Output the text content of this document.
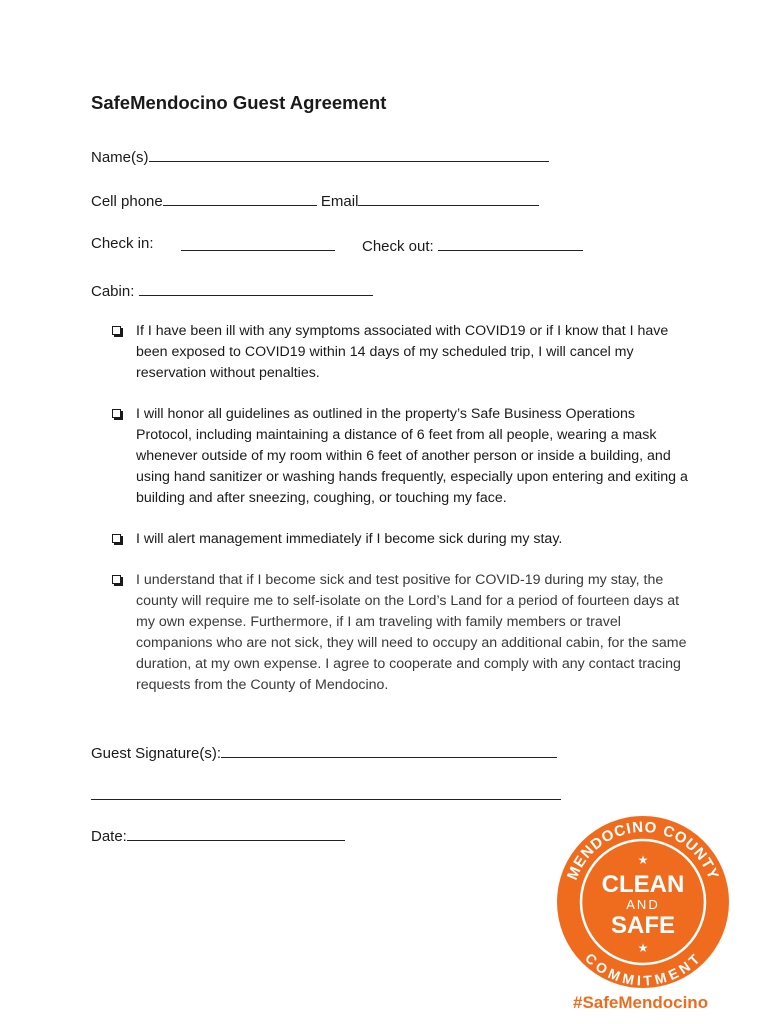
SafeMendocino Guest Agreement
Name(s)
Cell phone	Email
Check in:	Check out:
Cabin:
If I have been ill with any symptoms associated with COVID19 or if I know that I have been exposed to COVID19 within 14 days of my scheduled trip, I will cancel my reservation without penalties.
I will honor all guidelines as outlined in the property’s Safe Business Operations Protocol, including maintaining a distance of 6 feet from all people, wearing a mask whenever outside of my room within 6 feet of another person or inside a building, and using hand sanitizer or washing hands frequently, especially upon entering and exiting a building and after sneezing, coughing, or touching my face.
I will alert management immediately if I become sick during my stay.
I understand that if I become sick and test positive for COVID-19 during my stay, the county will require me to self-isolate on the Lord’s Land for a period of fourteen days at my own expense. Furthermore, if I am traveling with family members or travel companions who are not sick, they will need to occupy an additional cabin, for the same duration, at my own expense. I agree to cooperate and comply with any contact tracing requests from the County of Mendocino.
Guest Signature(s):
Date:
MENDOCINO COUNTY
COMMITMENT
★
CLEAN
AND
SAFE
★
#SafeMendocino
